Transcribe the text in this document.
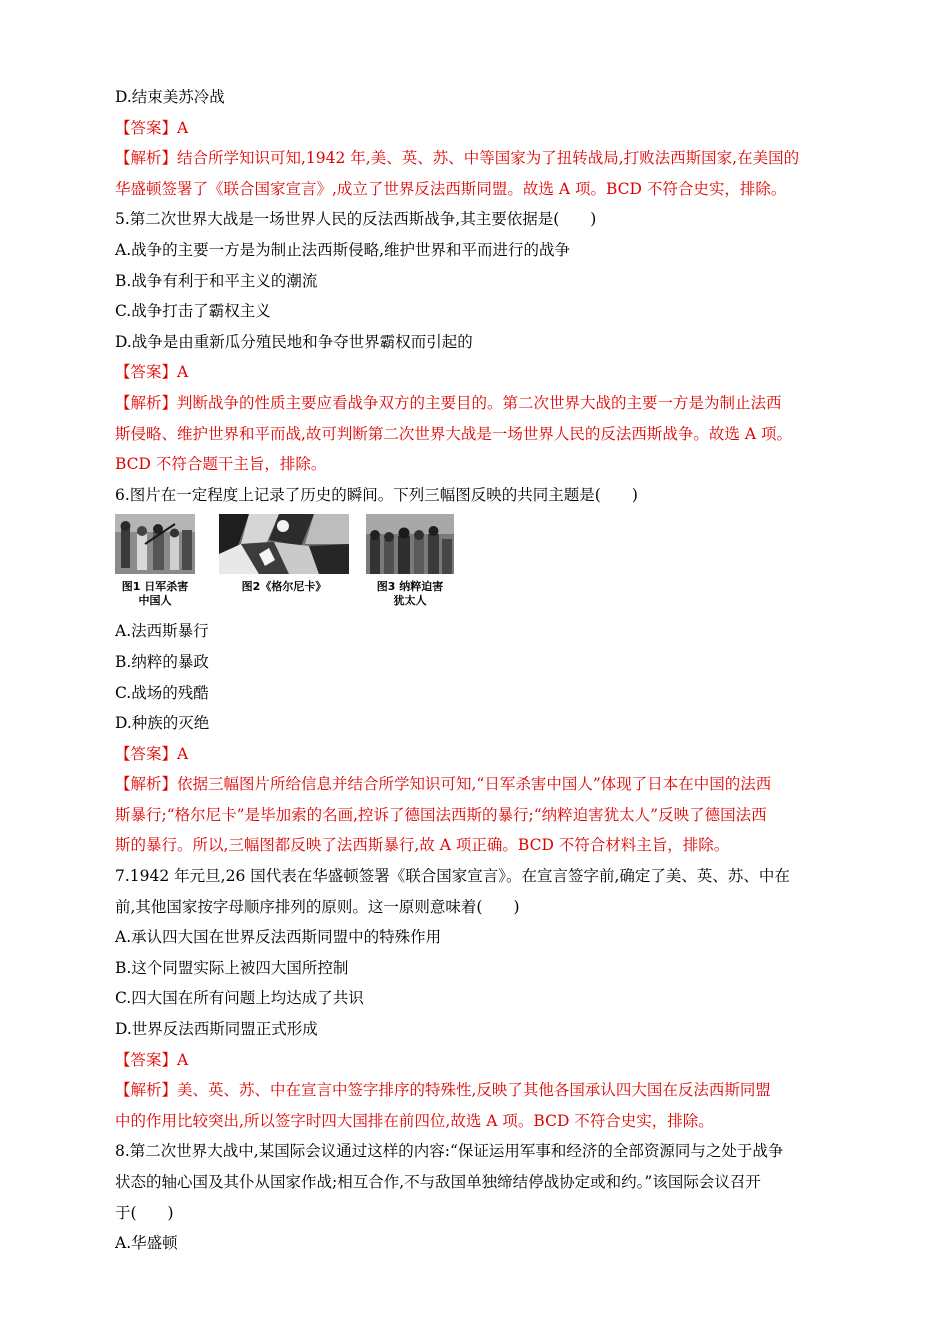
D.结束美苏冷战
【答案】A
【解析】结合所学知识可知,1942 年,美、英、苏、中等国家为了扭转战局,打败法西斯国家,在美国的
华盛顿签署了《联合国家宣言》,成立了世界反法西斯同盟。故选 A 项。BCD 不符合史实，排除。
5.第二次世界大战是一场世界人民的反法西斯战争,其主要依据是(　　)
A.战争的主要一方是为制止法西斯侵略,维护世界和平而进行的战争
B.战争有利于和平主义的潮流
C.战争打击了霸权主义
D.战争是由重新瓜分殖民地和争夺世界霸权而引起的
【答案】A
【解析】判断战争的性质主要应看战争双方的主要目的。第二次世界大战的主要一方是为制止法西
斯侵略、维护世界和平而战,故可判断第二次世界大战是一场世界人民的反法西斯战争。故选 A 项。
BCD 不符合题干主旨，排除。
6.图片在一定程度上记录了历史的瞬间。下列三幅图反映的共同主题是(　　)
图1 日军杀害
中国人
图2《格尔尼卡》	图3 纳粹迫害
犹太人
A.法西斯暴行
B.纳粹的暴政
C.战场的残酷
D.种族的灭绝
【答案】A
【解析】依据三幅图片所给信息并结合所学知识可知,“日军杀害中国人”体现了日本在中国的法西
斯暴行;“格尔尼卡”是毕加索的名画,控诉了德国法西斯的暴行;“纳粹迫害犹太人”反映了德国法西
斯的暴行。所以,三幅图都反映了法西斯暴行,故 A 项正确。BCD 不符合材料主旨，排除。
7.1942 年元旦,26 国代表在华盛顿签署《联合国家宣言》。在宣言签字前,确定了美、英、苏、中在
前,其他国家按字母顺序排列的原则。这一原则意味着(　　)
A.承认四大国在世界反法西斯同盟中的特殊作用
B.这个同盟实际上被四大国所控制
C.四大国在所有问题上均达成了共识
D.世界反法西斯同盟正式形成
【答案】A
【解析】美、英、苏、中在宣言中签字排序的特殊性,反映了其他各国承认四大国在反法西斯同盟
中的作用比较突出,所以签字时四大国排在前四位,故选 A 项。BCD 不符合史实，排除。
8.第二次世界大战中,某国际会议通过这样的内容:“保证运用军事和经济的全部资源同与之处于战争
状态的轴心国及其仆从国家作战;相互合作,不与敌国单独缔结停战协定或和约。”该国际会议召开
于(　　)
A.华盛顿
